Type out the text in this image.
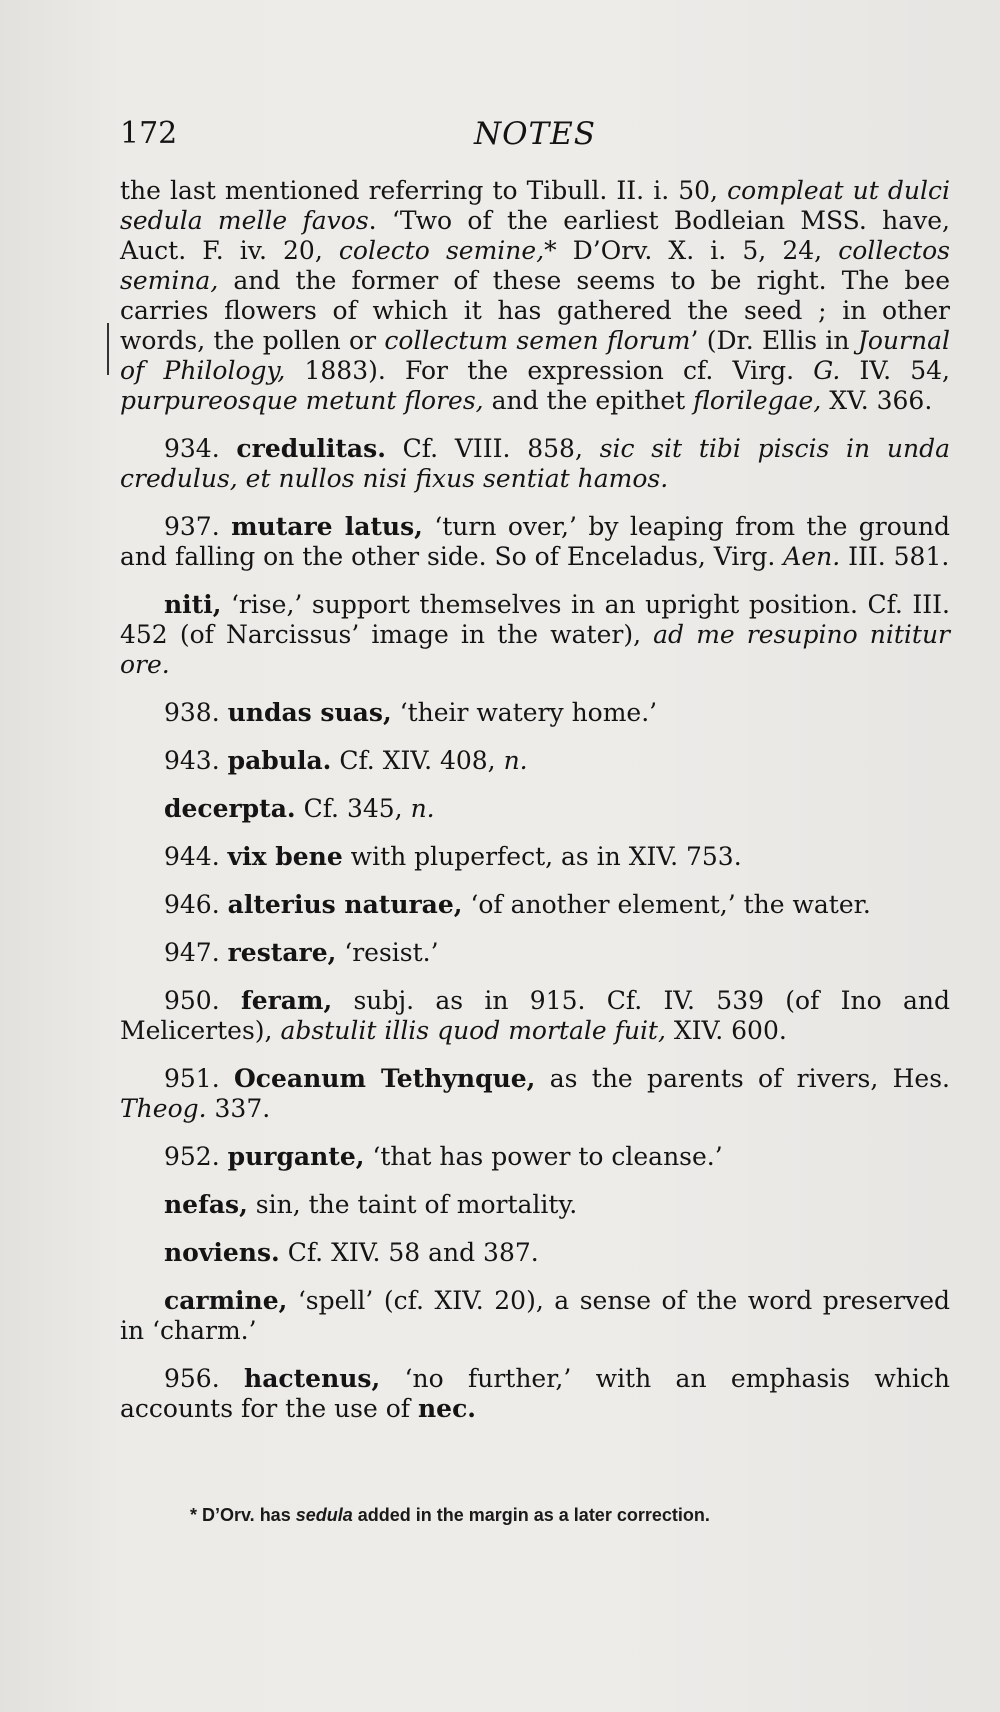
172	NOTES

the last mentioned referring to Tibull. II. i. 50, compleat ut dulci sedula melle favos. ‘Two of the earliest Bodleian MSS. have, Auct. F. iv. 20, colecto semine,* D’Orv. X. i. 5, 24, collectos semina, and the former of these seems to be right. The bee carries flowers of which it has gathered the seed ; in other words, the pollen or collectum semen florum’ (Dr. Ellis in Journal of Philology, 1883). For the expression cf. Virg. G. IV. 54, purpureosque metunt flores, and the epithet florilegae, XV. 366.

934. credulitas. Cf. VIII. 858, sic sit tibi piscis in unda credulus, et nullos nisi fixus sentiat hamos.

937. mutare latus, ‘turn over,’ by leaping from the ground and falling on the other side. So of Enceladus, Virg. Aen. III. 581.

niti, ‘rise,’ support themselves in an upright position. Cf. III. 452 (of Narcissus’ image in the water), ad me resupino nititur ore.

938. undas suas, ‘their watery home.’

943. pabula. Cf. XIV. 408, n.

decerpta. Cf. 345, n.

944. vix bene with pluperfect, as in XIV. 753.

946. alterius naturae, ‘of another element,’ the water.

947. restare, ‘resist.’

950. feram, subj. as in 915. Cf. IV. 539 (of Ino and Melicertes), abstulit illis quod mortale fuit, XIV. 600.

951. Oceanum Tethynque, as the parents of rivers, Hes. Theog. 337.

952. purgante, ‘that has power to cleanse.’

nefas, sin, the taint of mortality.

noviens. Cf. XIV. 58 and 387.

carmine, ‘spell’ (cf. XIV. 20), a sense of the word preserved in ‘charm.’

956. hactenus, ‘no further,’ with an emphasis which accounts for the use of nec.

* D’Orv. has sedula added in the margin as a later correction.
